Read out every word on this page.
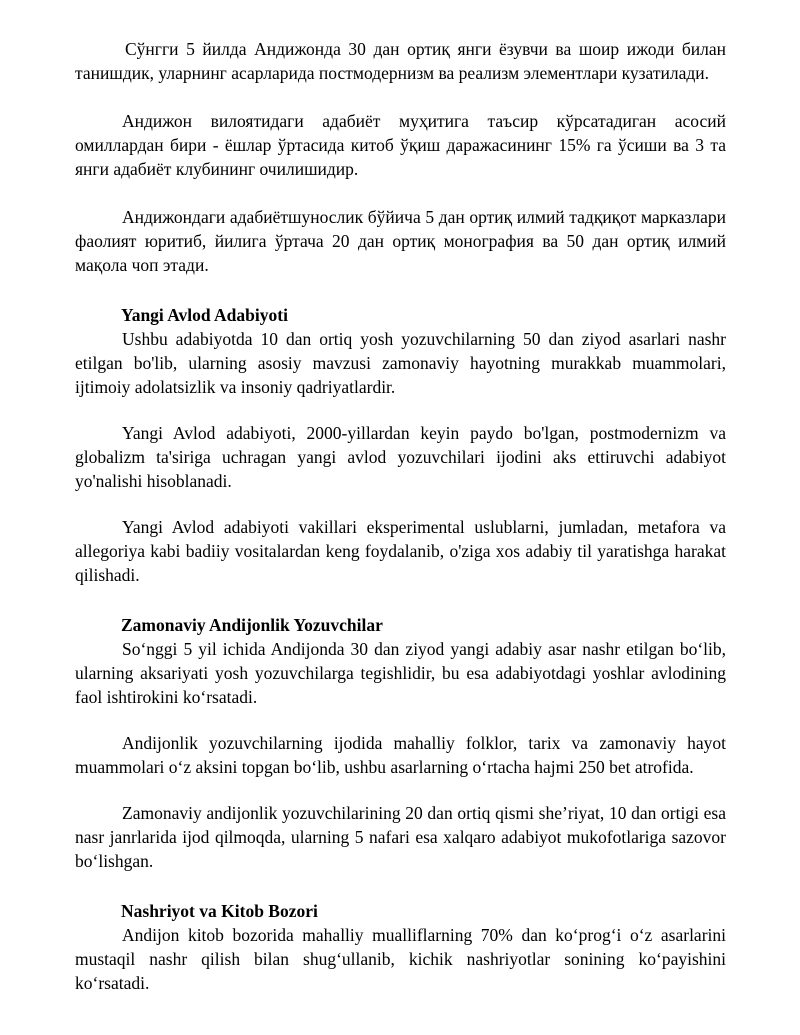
Сўнгги 5 йилда Андижонда 30 дан ортиқ янги ёзувчи ва шоир ижоди билан танишдик, уларнинг асарларида постмодернизм ва реализм элементлари кузатилади.

Андижон вилоятидаги адабиёт муҳитига таъсир кўрсатадиган асосий омиллардан бири - ёшлар ўртасида китоб ўқиш даражасининг 15% га ўсиши ва 3 та янги адабиёт клубининг очилишидир.

Андижондаги адабиётшунослик бўйича 5 дан ортиқ илмий тадқиқот марказлари фаолият юритиб, йилига ўртача 20 дан ортиқ монография ва 50 дан ортиқ илмий мақола чоп этади.

Yangi Avlod Adabiyoti

Ushbu adabiyotda 10 dan ortiq yosh yozuvchilarning 50 dan ziyod asarlari nashr etilgan bo'lib, ularning asosiy mavzusi zamonaviy hayotning murakkab muammolari, ijtimoiy adolatsizlik va insoniy qadriyatlardir.

Yangi Avlod adabiyoti, 2000-yillardan keyin paydo bo'lgan, postmodernizm va globalizm ta'siriga uchragan yangi avlod yozuvchilari ijodini aks ettiruvchi adabiyot yo'nalishi hisoblanadi.

Yangi Avlod adabiyoti vakillari eksperimental uslublarni, jumladan, metafora va allegoriya kabi badiiy vositalardan keng foydalanib, o'ziga xos adabiy til yaratishga harakat qilishadi.

Zamonaviy Andijonlik Yozuvchilar

So‘nggi 5 yil ichida Andijonda 30 dan ziyod yangi adabiy asar nashr etilgan bo‘lib, ularning aksariyati yosh yozuvchilarga tegishlidir, bu esa adabiyotdagi yoshlar avlodining faol ishtirokini ko‘rsatadi.

Andijonlik yozuvchilarning ijodida mahalliy folklor, tarix va zamonaviy hayot muammolari o‘z aksini topgan bo‘lib, ushbu asarlarning o‘rtacha hajmi 250 bet atrofida.

Zamonaviy andijonlik yozuvchilarining 20 dan ortiq qismi she’riyat, 10 dan ortigi esa nasr janrlarida ijod qilmoqda, ularning 5 nafari esa xalqaro adabiyot mukofotlariga sazovor bo‘lishgan.

Nashriyot va Kitob Bozori

Andijon kitob bozorida mahalliy mualliflarning 70% dan ko‘prog‘i o‘z asarlarini mustaqil nashr qilish bilan shug‘ullanib, kichik nashriyotlar sonining ko‘payishini ko‘rsatadi.
